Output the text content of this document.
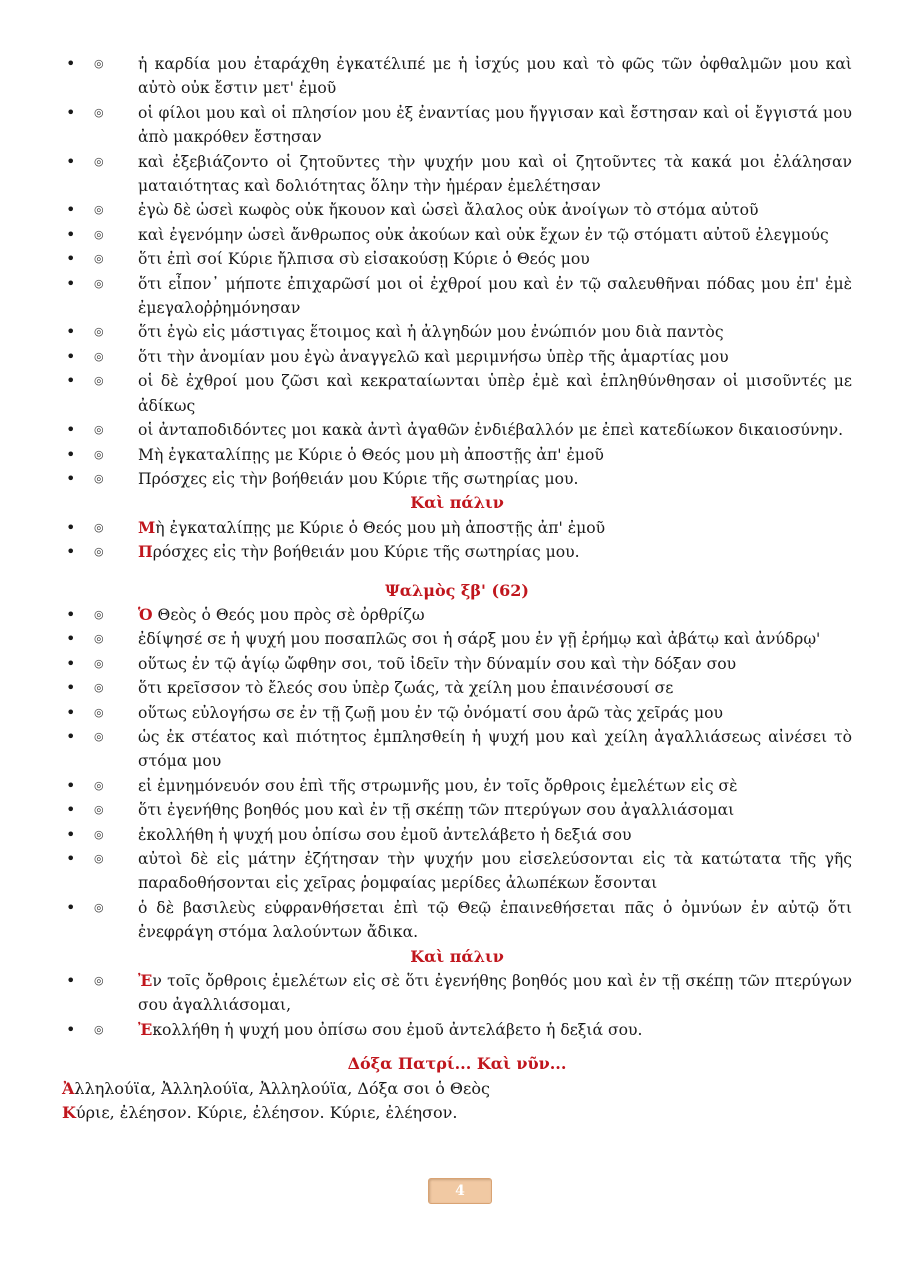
• ◎ ἡ καρδία μου ἐταράχθη ἐγκατέλιπέ με ἡ ἰσχύς μου καὶ τὸ φῶς τῶν ὀφθαλμῶν μου καὶ αὐτὸ οὐκ ἔστιν μετ' ἐμοῦ
• ◎ οἱ φίλοι μου καὶ οἱ πλησίον μου ἐξ ἐναντίας μου ἤγγισαν καὶ ἔστησαν καὶ οἱ ἔγγιστά μου ἀπὸ μακρόθεν ἔστησαν
• ◎ καὶ ἐξεβιάζοντο οἱ ζητοῦντες τὴν ψυχήν μου καὶ οἱ ζητοῦντες τὰ κακά μοι ἐλάλησαν ματαιότητας καὶ δολιότητας ὅλην τὴν ἡμέραν ἐμελέτησαν
• ◎ ἐγὼ δὲ ὡσεὶ κωφὸς οὐκ ἤκουον καὶ ὡσεὶ ἄλαλος οὐκ ἀνοίγων τὸ στόμα αὐτοῦ
• ◎ καὶ ἐγενόμην ὡσεὶ ἄνθρωπος οὐκ ἀκούων καὶ οὐκ ἔχων ἐν τῷ στόματι αὐτοῦ ἐλεγμούς
• ◎ ὅτι ἐπὶ σοί Κύριε ἤλπισα σὺ εἰσακούσῃ Κύριε ὁ Θεός μου
• ◎ ὅτι εἶπον᾿ μήποτε ἐπιχαρῶσί μοι οἱ ἐχθροί μου καὶ ἐν τῷ σαλευθῆναι πόδας μου ἐπ' ἐμὲ ἐμεγαλοῤῥημόνησαν
• ◎ ὅτι ἐγὼ εἰς μάστιγας ἕτοιμος καὶ ἡ ἀλγηδών μου ἐνώπιόν μου διὰ παντὸς
• ◎ ὅτι τὴν ἀνομίαν μου ἐγὼ ἀναγγελῶ καὶ μεριμνήσω ὑπὲρ τῆς ἁμαρτίας μου
• ◎ οἱ δὲ ἐχθροί μου ζῶσι καὶ κεκραταίωνται ὑπὲρ ἐμὲ καὶ ἐπληθύνθησαν οἱ μισοῦντές με ἀδίκως
• ◎ οἱ ἀνταποδιδόντες μοι κακὰ ἀντὶ ἀγαθῶν ἐνδιέβαλλόν με ἐπεὶ κατεδίωκον δικαιοσύνην.
• ◎ Μὴ ἐγκαταλίπῃς με Κύριε ὁ Θεός μου μὴ ἀποστῇς ἀπ' ἐμοῦ
• ◎ Πρόσχες εἰς τὴν βοήθειάν μου Κύριε τῆς σωτηρίας μου.
Καὶ πάλιν
• ◎ Μὴ ἐγκαταλίπῃς με Κύριε ὁ Θεός μου μὴ ἀποστῇς ἀπ' ἐμοῦ
• ◎ Πρόσχες εἰς τὴν βοήθειάν μου Κύριε τῆς σωτηρίας μου.
Ψαλμὸς ξβ' (62)
• ◎ Ὁ Θεὸς ὁ Θεός μου πρὸς σὲ ὀρθρίζω
• ◎ ἐδίψησέ σε ἡ ψυχή μου ποσαπλῶς σοι ἡ σάρξ μου ἐν γῇ ἐρήμῳ καὶ ἀβάτῳ καὶ ἀνύδρῳ'
• ◎ οὕτως ἐν τῷ ἁγίῳ ὤφθην σοι, τοῦ ἰδεῖν τὴν δύναμίν σου καὶ τὴν δόξαν σου
• ◎ ὅτι κρεῖσσον τὸ ἔλεός σου ὑπὲρ ζωάς, τὰ χείλη μου ἐπαινέσουσί σε
• ◎ οὕτως εὐλογήσω σε ἐν τῇ ζωῇ μου ἐν τῷ ὀνόματί σου ἀρῶ τὰς χεῖράς μου
• ◎ ὡς ἐκ στέατος καὶ πιότητος ἐμπλησθείη ἡ ψυχή μου καὶ χείλη ἀγαλλιάσεως αἰνέσει τὸ στόμα μου
• ◎ εἰ ἐμνημόνευόν σου ἐπὶ τῆς στρωμνῆς μου, ἐν τοῖς ὄρθροις ἐμελέτων εἰς σὲ
• ◎ ὅτι ἐγενήθης βοηθός μου καὶ ἐν τῇ σκέπῃ τῶν πτερύγων σου ἀγαλλιάσομαι
• ◎ ἐκολλήθη ἡ ψυχή μου ὀπίσω σου ἐμοῦ ἀντελάβετο ἡ δεξιά σου
• ◎ αὐτοὶ δὲ εἰς μάτην ἐζήτησαν τὴν ψυχήν μου εἰσελεύσονται εἰς τὰ κατώτατα τῆς γῆς παραδοθήσονται εἰς χεῖρας ῥομφαίας μερίδες ἀλωπέκων ἔσονται
• ◎ ὁ δὲ βασιλεὺς εὐφρανθήσεται ἐπὶ τῷ Θεῷ ἐπαινεθήσεται πᾶς ὁ ὀμνύων ἐν αὐτῷ ὅτι ἐνεφράγη στόμα λαλούντων ἄδικα.
Καὶ πάλιν
• ◎ Ἐν τοῖς ὄρθροις ἐμελέτων εἰς σὲ ὅτι ἐγενήθης βοηθός μου καὶ ἐν τῇ σκέπῃ τῶν πτερύγων σου ἀγαλλιάσομαι,
• ◎ Ἐκολλήθη ἡ ψυχή μου ὀπίσω σου ἐμοῦ ἀντελάβετο ἡ δεξιά σου.
Δόξα Πατρί... Καὶ νῦν...

Ἀλληλούϊα, Ἀλληλούϊα, Ἀλληλούϊα, Δόξα σοι ὁ Θεὸς

Κύριε, ἐλέησον. Κύριε, ἐλέησον. Κύριε, ἐλέησον.

4
